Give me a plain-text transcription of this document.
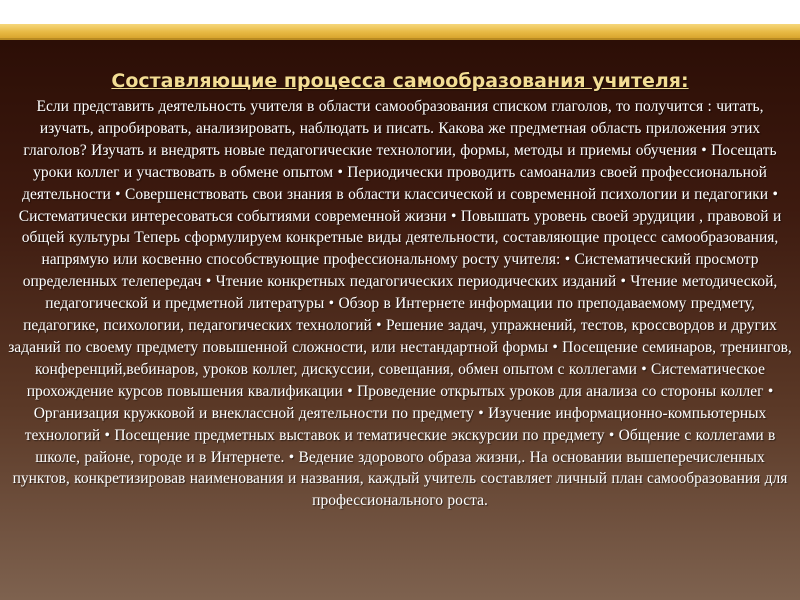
Составляющие процесса самообразования учителя:

Если представить деятельность учителя в области самообразования списком глаголов, то получится : читать, изучать, апробировать, анализировать, наблюдать и писать. Какова же предметная область приложения этих глаголов? Изучать и внедрять новые педагогические технологии, формы, методы и приемы обучения • Посещать уроки коллег и участвовать в обмене опытом • Периодически проводить самоанализ своей профессиональной деятельности • Совершенствовать свои знания в области классической и современной психологии и педагогики • Систематически интересоваться событиями современной жизни • Повышать уровень своей эрудиции , правовой и общей культуры Теперь сформулируем конкретные виды деятельности, составляющие процесс самообразования, напрямую или косвенно способствующие профессиональному росту учителя: • Систематический просмотр определенных телепередач • Чтение конкретных педагогических периодических изданий • Чтение методической, педагогической и предметной литературы • Обзор в Интернете информации по преподаваемому предмету, педагогике, психологии, педагогических технологий • Решение задач, упражнений, тестов, кроссвордов и других заданий по своему предмету повышенной сложности, или нестандартной формы • Посещение семинаров, тренингов, конференций,вебинаров, уроков коллег, дискуссии, совещания, обмен опытом с коллегами • Систематическое прохождение курсов повышения квалификации • Проведение открытых уроков для анализа со стороны коллег • Организация кружковой и внеклассной деятельности по предмету • Изучение информационно-компьютерных технологий • Посещение предметных выставок и тематические экскурсии по предмету • Общение с коллегами в школе, районе, городе и в Интернете. • Ведение здорового образа жизни,. На основании вышеперечисленных пунктов, конкретизировав наименования и названия, каждый учитель составляет личный план самообразования для профессионального роста.
